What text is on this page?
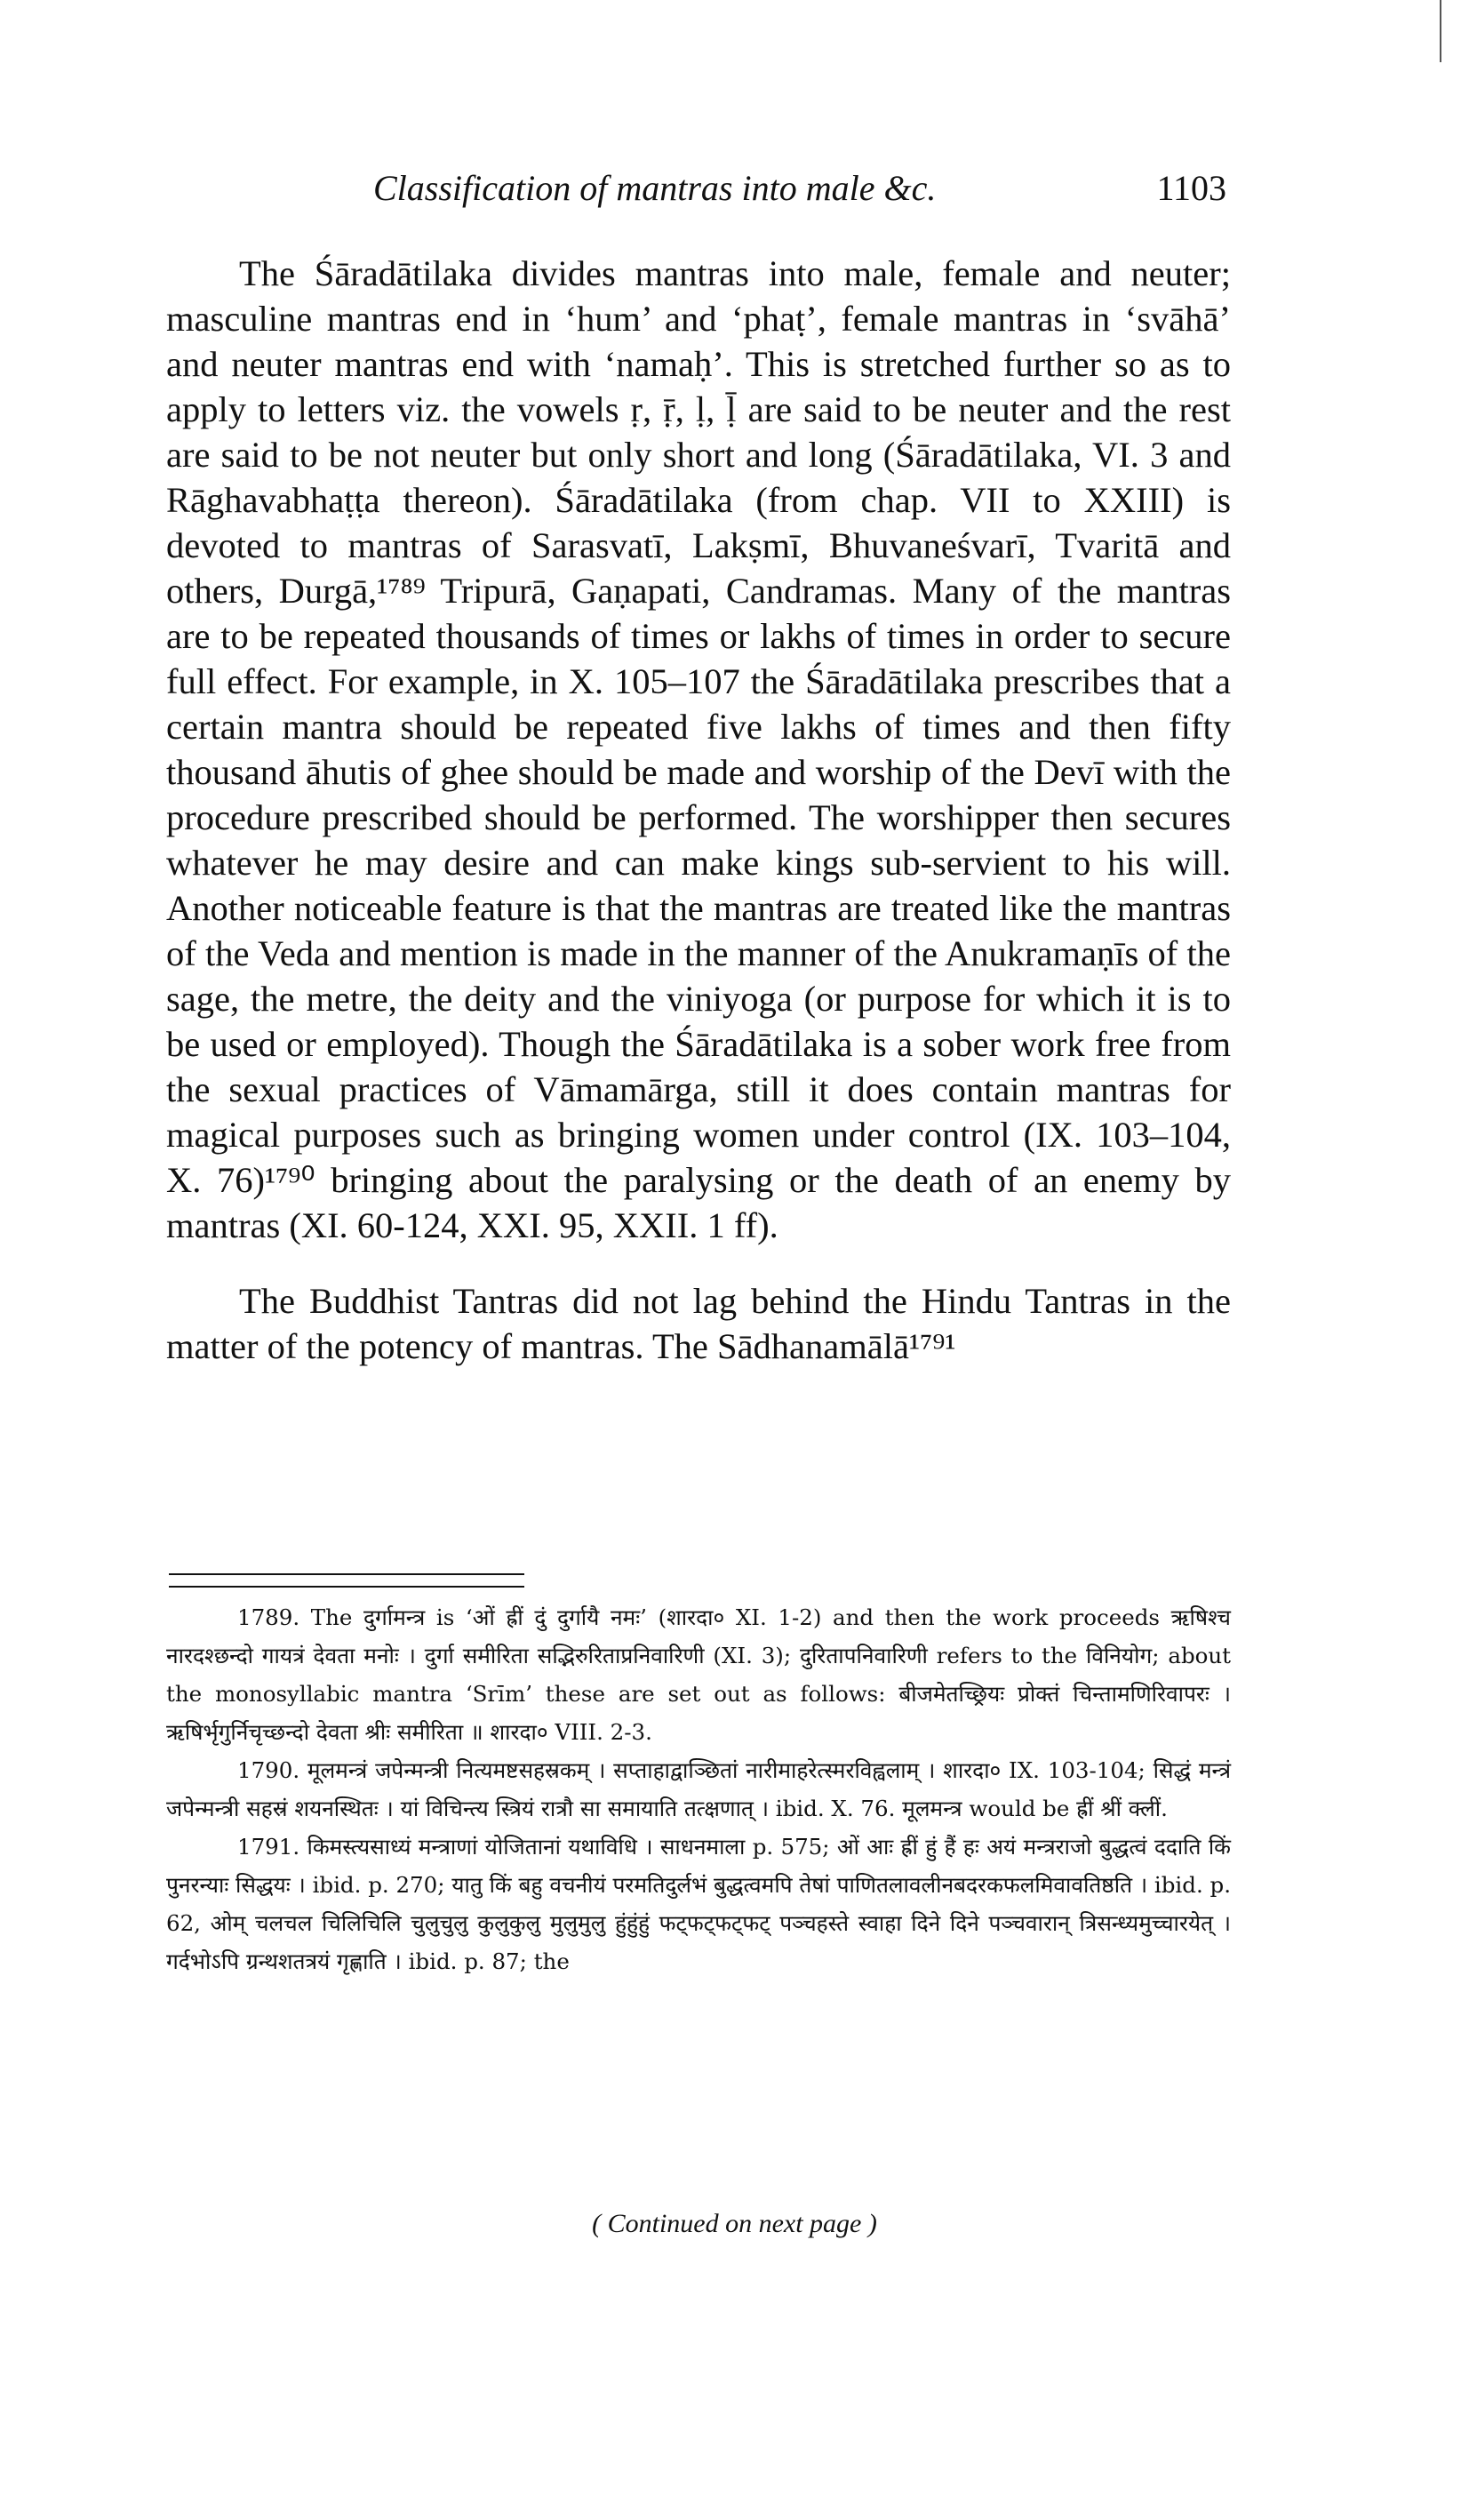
Classification of mantras into male &c.	1103

The Śāradātilaka divides mantras into male, female and neuter; masculine mantras end in ‘hum’ and ‘phaṭ’, female mantras in ‘svāhā’ and neuter mantras end with ‘namaḥ’. This is stretched further so as to apply to letters viz. the vowels ṛ, ṝ, ḷ, ḹ are said to be neuter and the rest are said to be not neuter but only short and long (Śāradātilaka, VI. 3 and Rāghavabhaṭṭa thereon). Śāradātilaka (from chap. VII to XXIII) is devoted to mantras of Sarasvatī, Lakṣmī, Bhuvaneśvarī, Tvaritā and others, Durgā,¹⁷⁸⁹ Tripurā, Gaṇapati, Candramas. Many of the mantras are to be repeated thousands of times or lakhs of times in order to secure full effect. For example, in X. 105–107 the Śāradātilaka prescribes that a certain mantra should be repeated five lakhs of times and then fifty thousand āhutis of ghee should be made and worship of the Devī with the procedure prescribed should be performed. The worshipper then secures whatever he may desire and can make kings sub-servient to his will. Another noticeable feature is that the mantras are treated like the mantras of the Veda and mention is made in the manner of the Anukramaṇīs of the sage, the metre, the deity and the viniyoga (or purpose for which it is to be used or employed). Though the Śāradātilaka is a sober work free from the sexual practices of Vāmamārga, still it does contain mantras for magical purposes such as bringing women under control (IX. 103–104, X. 76)¹⁷⁹⁰ bringing about the paralysing or the death of an enemy by mantras (XI. 60-124, XXI. 95, XXII. 1 ff).

The Buddhist Tantras did not lag behind the Hindu Tantras in the matter of the potency of mantras. The Sādhanamālā¹⁷⁹¹

1789. The दुर्गामन्त्र is ‘ओं ह्रीं दुं दुर्गायै नमः’ (शारदा० XI. 1-2) and then the work proceeds ऋषिश्च नारदश्छन्दो गायत्रं देवता मनोः । दुर्गा समीरिता सद्भिरुरिताप्रनिवारिणी (XI. 3); दुरितापनिवारिणी refers to the विनियोग; about the monosyllabic mantra ‘Srīm’ these are set out as follows: बीजमेतच्छ्रियः प्रोक्तं चिन्तामणिरिवापरः । ऋषिर्भृगुर्निचृच्छन्दो देवता श्रीः समीरिता ॥ शारदा० VIII. 2-3.

1790. मूलमन्त्रं जपेन्मन्त्री नित्यमष्टसहस्रकम् । सप्ताहाद्वाञ्छितां नारीमाहरेत्स्मरविह्वलाम् । शारदा० IX. 103-104; सिद्धं मन्त्रं जपेन्मन्त्री सहस्रं शयनस्थितः । यां विचिन्त्य स्त्रियं रात्रौ सा समायाति तत्क्षणात् । ibid. X. 76. मूलमन्त्र would be ह्रीं श्रीं क्लीं.

1791. किमस्त्यसाध्यं मन्त्राणां योजितानां यथाविधि । साधनमाला p. 575; ओं आः ह्रीं हुं हैं हः अयं मन्त्रराजो बुद्धत्वं ददाति किं पुनरन्याः सिद्धयः । ibid. p. 270; यातु किं बहु वचनीयं परमतिदुर्लभं बुद्धत्वमपि तेषां पाणितलावलीनबदरकफलमिवावतिष्ठति । ibid. p. 62, ओम् चलचल चिलिचिलि चुलुचुलु कुलुकुलु मुलुमुलु हुंहुंहुं फट्फट्फट्फट् पञ्चहस्ते स्वाहा दिने दिने पञ्चवारान् त्रिसन्ध्यमुच्चारयेत् । गर्दभोऽपि ग्रन्थशतत्रयं गृह्णाति । ibid. p. 87; the

( Continued on next page )
